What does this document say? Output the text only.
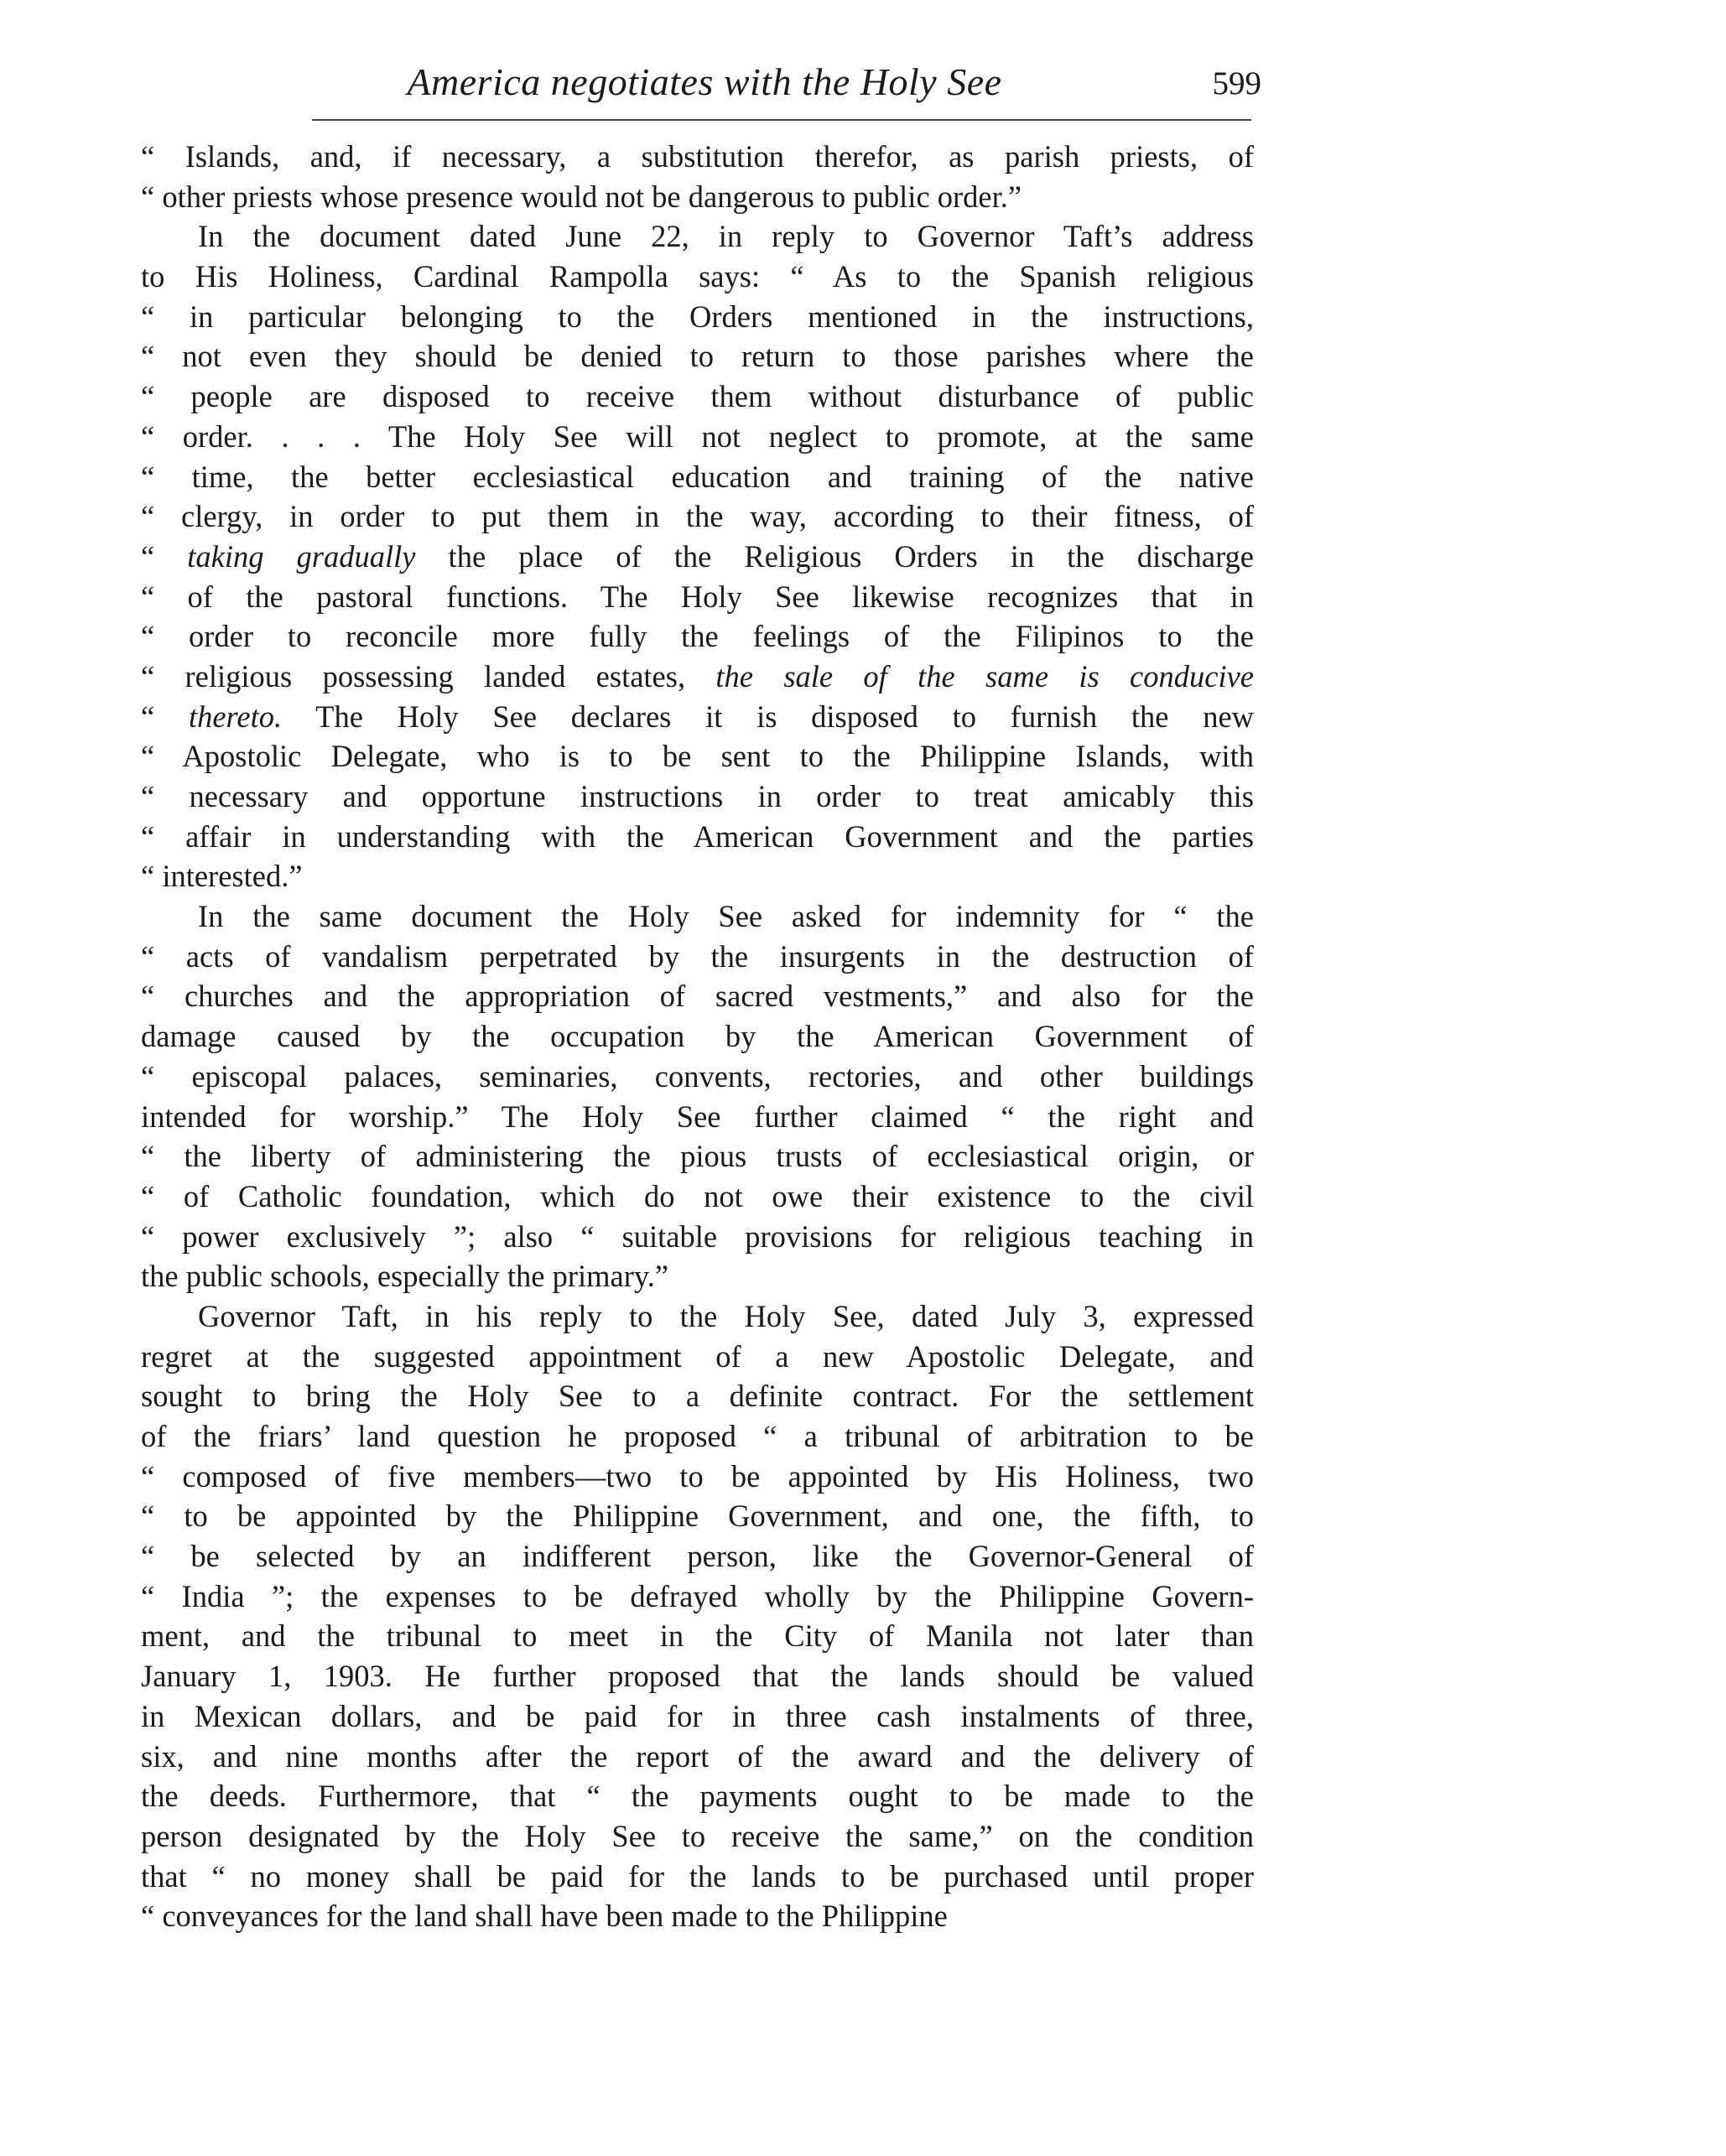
America negotiates with the Holy See	599
“ Islands, and, if necessary, a substitution therefor, as parish priests, of
“ other priests whose presence would not be dangerous to public order.”
In the document dated June 22, in reply to Governor Taft’s address
to His Holiness, Cardinal Rampolla says: “ As to the Spanish religious
“ in particular belonging to the Orders mentioned in the instructions,
“ not even they should be denied to return to those parishes where the
“ people are disposed to receive them without disturbance of public
“ order. . . . The Holy See will not neglect to promote, at the same
“ time, the better ecclesiastical education and training of the native
“ clergy, in order to put them in the way, according to their fitness, of
“ taking gradually the place of the Religious Orders in the discharge
“ of the pastoral functions. The Holy See likewise recognizes that in
“ order to reconcile more fully the feelings of the Filipinos to the
“ religious possessing landed estates, the sale of the same is conducive
“ thereto. The Holy See declares it is disposed to furnish the new
“ Apostolic Delegate, who is to be sent to the Philippine Islands, with
“ necessary and opportune instructions in order to treat amicably this
“ affair in understanding with the American Government and the parties
“ interested.”
In the same document the Holy See asked for indemnity for “ the
“ acts of vandalism perpetrated by the insurgents in the destruction of
“ churches and the appropriation of sacred vestments,” and also for the
damage caused by the occupation by the American Government of
“ episcopal palaces, seminaries, convents, rectories, and other buildings
intended for worship.” The Holy See further claimed “ the right and
“ the liberty of administering the pious trusts of ecclesiastical origin, or
“ of Catholic foundation, which do not owe their existence to the civil
“ power exclusively ”; also “ suitable provisions for religious teaching in
the public schools, especially the primary.”
Governor Taft, in his reply to the Holy See, dated July 3, expressed
regret at the suggested appointment of a new Apostolic Delegate, and
sought to bring the Holy See to a definite contract. For the settlement
of the friars’ land question he proposed “ a tribunal of arbitration to be
“ composed of five members—two to be appointed by His Holiness, two
“ to be appointed by the Philippine Government, and one, the fifth, to
“ be selected by an indifferent person, like the Governor-General of
“ India ”; the expenses to be defrayed wholly by the Philippine Govern-
ment, and the tribunal to meet in the City of Manila not later than
January 1, 1903. He further proposed that the lands should be valued
in Mexican dollars, and be paid for in three cash instalments of three,
six, and nine months after the report of the award and the delivery of
the deeds. Furthermore, that “ the payments ought to be made to the
person designated by the Holy See to receive the same,” on the condition
that “ no money shall be paid for the lands to be purchased until proper
“ conveyances for the land shall have been made to the Philippine
